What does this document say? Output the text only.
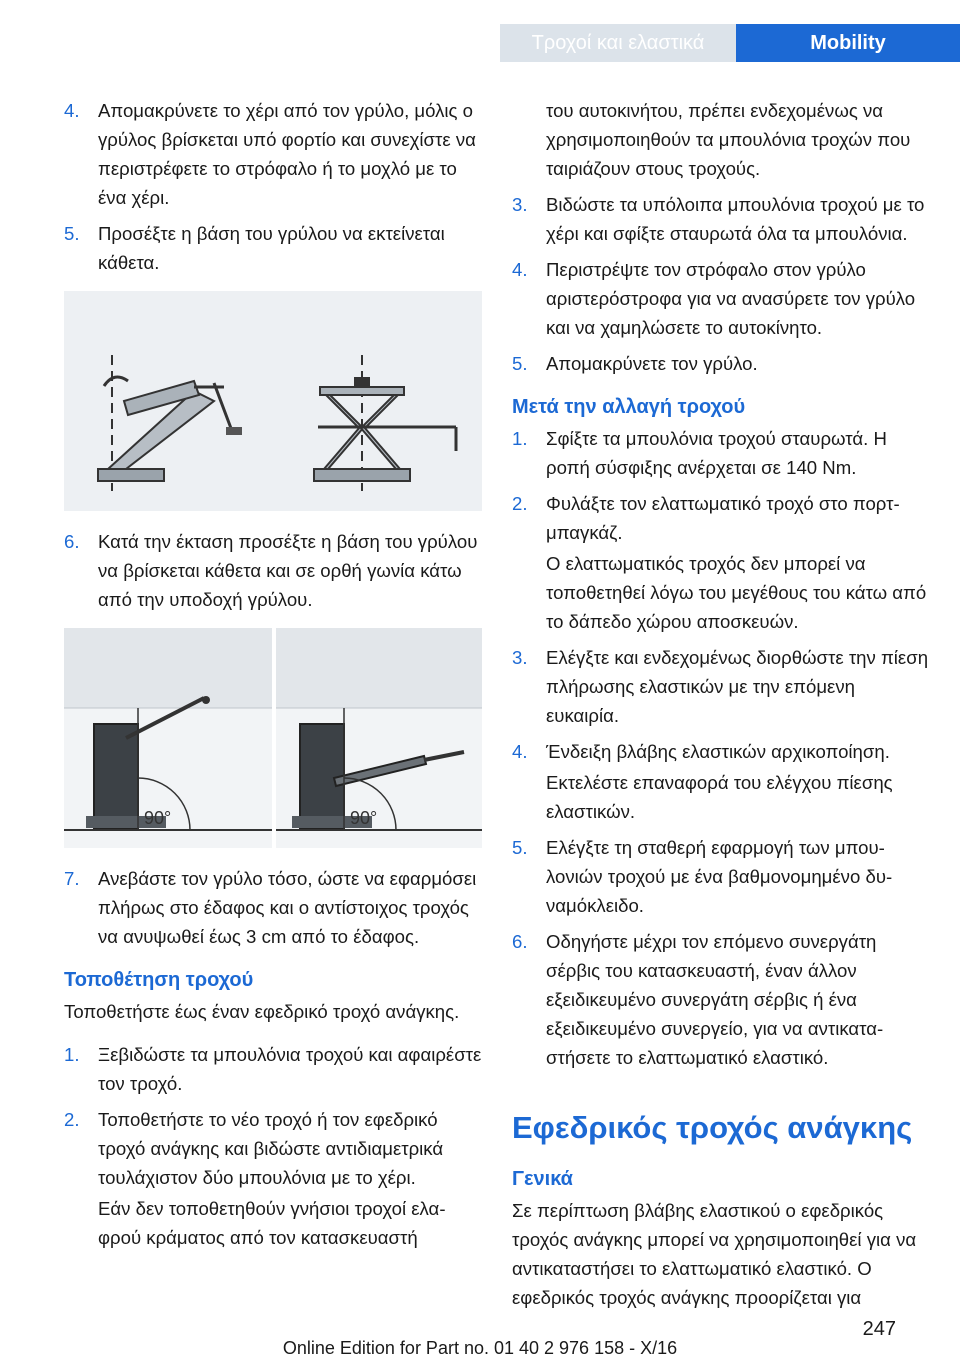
Τροχοί και ελαστικά	Mobility
4. Απομακρύνετε το χέρι από τον γρύλο, μόλις ο γρύλος βρίσκεται υπό φορτίο και συνεχίστε να περιστρέφετε το στρόφαλο ή το μοχλό με το ένα χέρι.
5. Προσέξτε η βάση του γρύλου να εκτείνεται κάθετα.
6. Κατά την έκταση προσέξτε η βάση του γρύλου να βρίσκεται κάθετα και σε ορθή γωνία κάτω από την υποδοχή γρύλου.
90°	90°
7. Ανεβάστε τον γρύλο τόσο, ώστε να εφαρμόσει πλήρως στο έδαφος και ο αντίστοιχος τροχός να ανυψωθεί έως 3 cm από το έδαφος.
Τοποθέτηση τροχού
Τοποθετήστε έως έναν εφεδρικό τροχό ανάγκης.
1. Ξεβιδώστε τα μπουλόνια τροχού και αφαιρέστε τον τροχό.
2. Τοποθετήστε το νέο τροχό ή τον εφεδρικό τροχό ανάγκης και βιδώστε αντιδιαμετρικά τουλάχιστον δύο μπουλόνια με το χέρι.
Εάν δεν τοποθετηθούν γνήσιοι τροχοί ελαφρού κράματος από τον κατασκευαστή
του αυτοκινήτου, πρέπει ενδεχομένως να χρησιμοποιηθούν τα μπουλόνια τροχών που ταιριάζουν στους τροχούς.
3. Βιδώστε τα υπόλοιπα μπουλόνια τροχού με το χέρι και σφίξτε σταυρωτά όλα τα μπουλόνια.
4. Περιστρέψτε τον στρόφαλο στον γρύλο αριστερόστροφα για να ανασύρετε τον γρύλο και να χαμηλώσετε το αυτοκίνητο.
5. Απομακρύνετε τον γρύλο.
Μετά την αλλαγή τροχού
1. Σφίξτε τα μπουλόνια τροχού σταυρωτά. Η ροπή σύσφιξης ανέρχεται σε 140 Nm.
2. Φυλάξτε τον ελαττωματικό τροχό στο πορτ-μπαγκάζ.
Ο ελαττωματικός τροχός δεν μπορεί να τοποθετηθεί λόγω του μεγέθους του κάτω από το δάπεδο χώρου αποσκευών.
3. Ελέγξτε και ενδεχομένως διορθώστε την πίεση πλήρωσης ελαστικών με την επόμενη ευκαιρία.
4. Ένδειξη βλάβης ελαστικών αρχικοποίηση.
Εκτελέστε επαναφορά του ελέγχου πίεσης ελαστικών.
5. Ελέγξτε τη σταθερή εφαρμογή των μπουλονιών τροχού με ένα βαθμονομημένο δυναμόκλειδο.
6. Οδηγήστε μέχρι τον επόμενο συνεργάτη σέρβις του κατασκευαστή, έναν άλλον εξειδικευμένο συνεργάτη σέρβις ή ένα εξειδικευμένο συνεργείο, για να αντικαταστήσετε το ελαττωματικό ελαστικό.
Εφεδρικός τροχός ανάγκης
Γενικά
Σε περίπτωση βλάβης ελαστικού ο εφεδρικός τροχός ανάγκης μπορεί να χρησιμοποιηθεί για να αντικαταστήσει το ελαττωματικό ελαστικό. Ο εφεδρικός τροχός ανάγκης προορίζεται για
247
Online Edition for Part no. 01 40 2 976 158 - X/16
